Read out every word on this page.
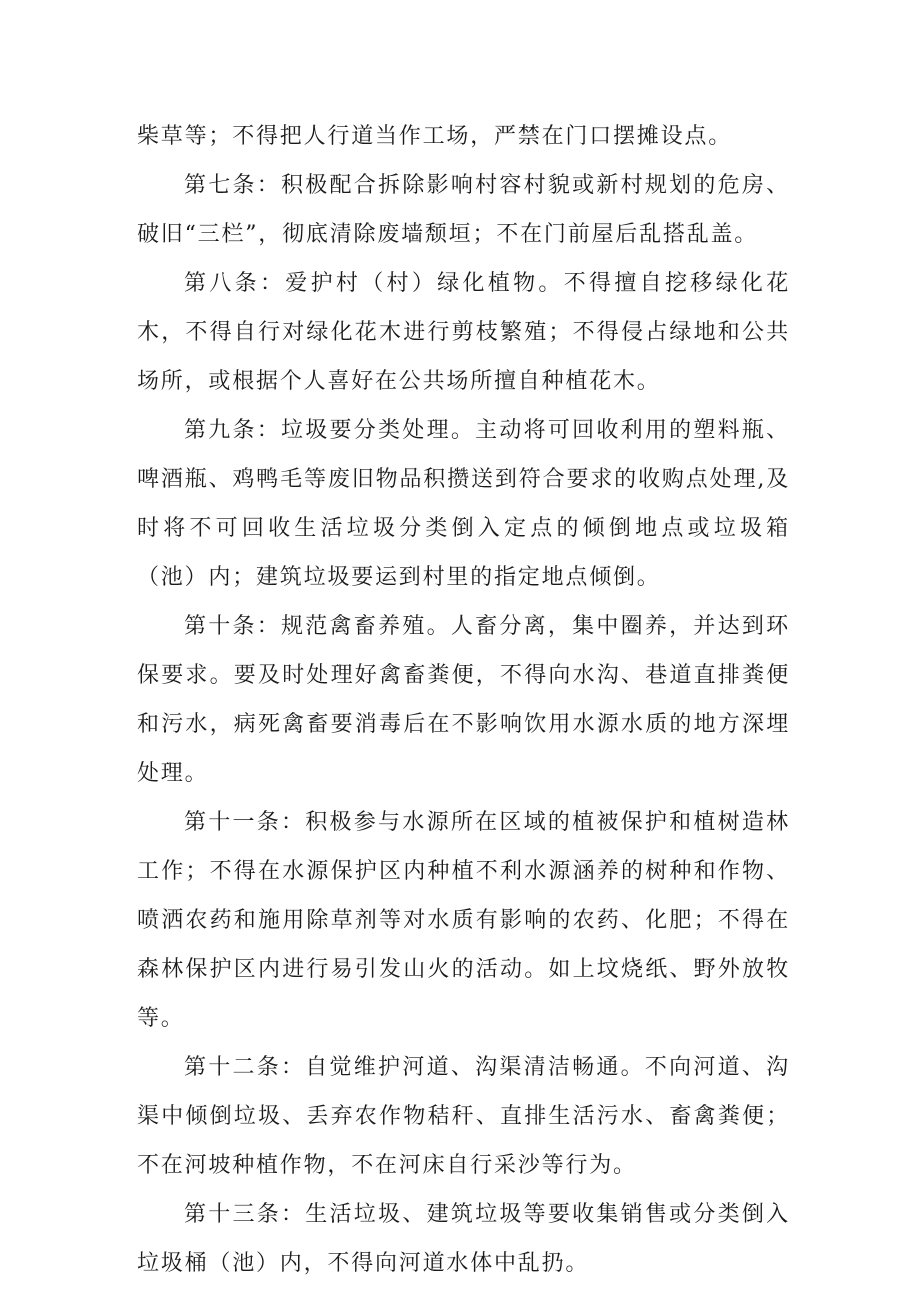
柴草等；不得把人行道当作工场，严禁在门口摆摊设点。

第七条：积极配合拆除影响村容村貌或新村规划的危房、破旧“三栏”，彻底清除废墙颓垣；不在门前屋后乱搭乱盖。

第八条：爱护村（村）绿化植物。不得擅自挖移绿化花木，不得自行对绿化花木进行剪枝繁殖；不得侵占绿地和公共场所，或根据个人喜好在公共场所擅自种植花木。

第九条：垃圾要分类处理。主动将可回收利用的塑料瓶、啤酒瓶、鸡鸭毛等废旧物品积攒送到符合要求的收购点处理,及时将不可回收生活垃圾分类倒入定点的倾倒地点或垃圾箱（池）内；建筑垃圾要运到村里的指定地点倾倒。

第十条：规范禽畜养殖。人畜分离，集中圈养，并达到环保要求。要及时处理好禽畜粪便，不得向水沟、巷道直排粪便和污水，病死禽畜要消毒后在不影响饮用水源水质的地方深埋处理。

第十一条：积极参与水源所在区域的植被保护和植树造林工作；不得在水源保护区内种植不利水源涵养的树种和作物、喷洒农药和施用除草剂等对水质有影响的农药、化肥；不得在森林保护区内进行易引发山火的活动。如上坟烧纸、野外放牧等。

第十二条：自觉维护河道、沟渠清洁畅通。不向河道、沟渠中倾倒垃圾、丢弃农作物秸秆、直排生活污水、畜禽粪便；不在河坡种植作物，不在河床自行采沙等行为。

第十三条：生活垃圾、建筑垃圾等要收集销售或分类倒入垃圾桶（池）内，不得向河道水体中乱扔。
